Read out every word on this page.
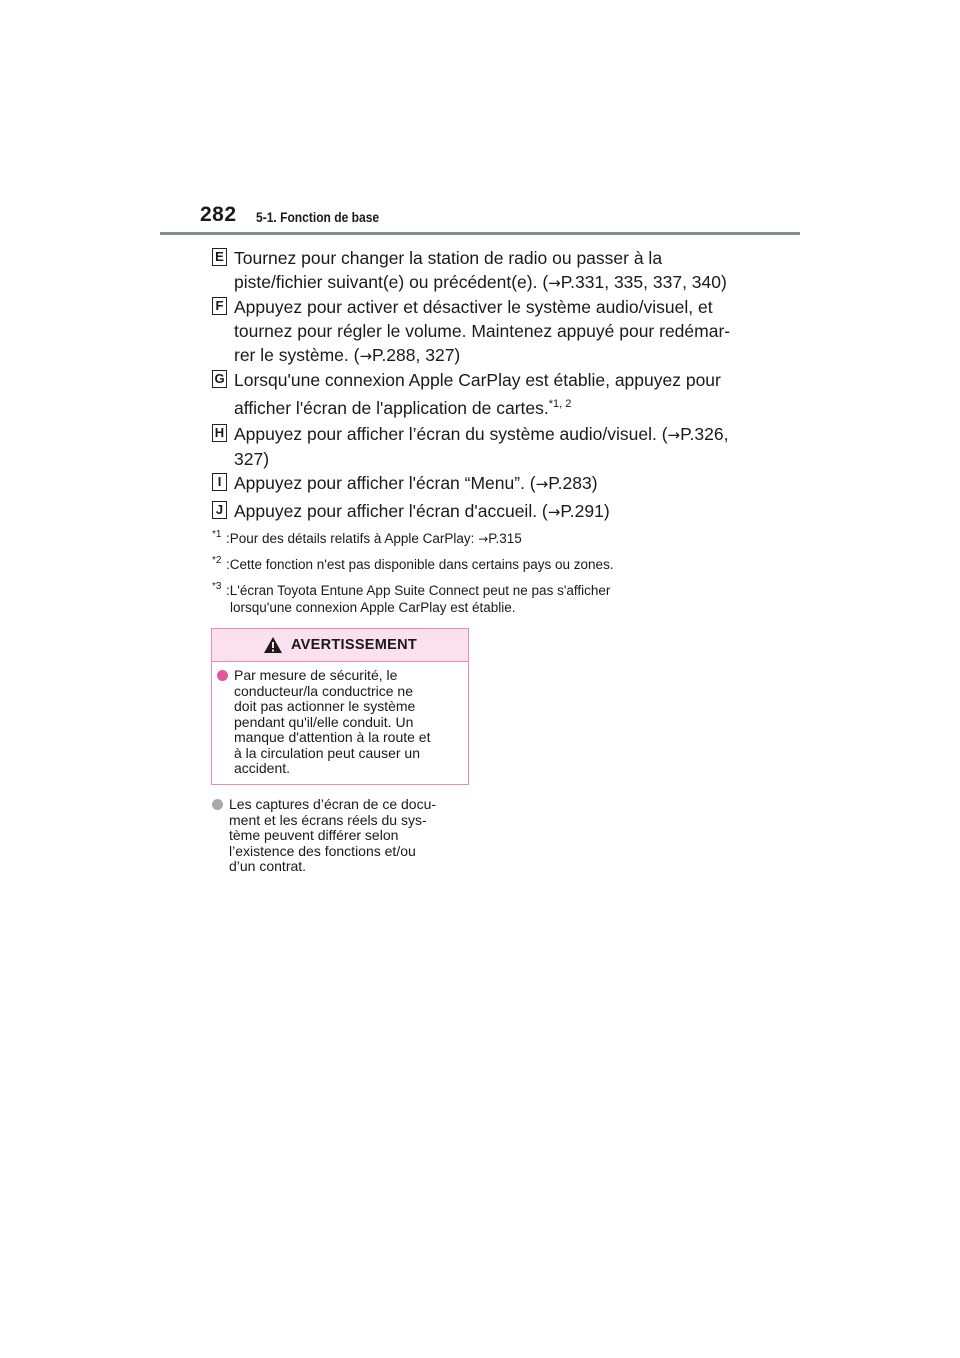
282 5-1. Fonction de base
E Tournez pour changer la station de radio ou passer à la
piste/fichier suivant(e) ou précédent(e). (→P.331, 335, 337, 340)
F Appuyez pour activer et désactiver le système audio/visuel, et
tournez pour régler le volume. Maintenez appuyé pour redémar-
rer le système. (→P.288, 327)
G Lorsqu'une connexion Apple CarPlay est établie, appuyez pour
afficher l'écran de l'application de cartes.$^{*1, 2}$
H Appuyez pour afficher l’écran du système audio/visuel. (→P.326,
327)
I Appuyez pour afficher l'écran “Menu”. (→P.283)
J Appuyez pour afficher l'écran d'accueil. (→P.291)
*1 :Pour des détails relatifs à Apple CarPlay: →P.315
*2 :Cette fonction n'est pas disponible dans certains pays ou zones.
*3 :L'écran Toyota Entune App Suite Connect peut ne pas s'afficher
lorsqu'une connexion Apple CarPlay est établie.
AVERTISSEMENT
Par mesure de sécurité, le
conducteur/la conductrice ne
doit pas actionner le système
pendant qu'il/elle conduit. Un
manque d'attention à la route et
à la circulation peut causer un
accident.
Les captures d’écran de ce docu-
ment et les écrans réels du sys-
tème peuvent différer selon
l’existence des fonctions et/ou
d’un contrat.
